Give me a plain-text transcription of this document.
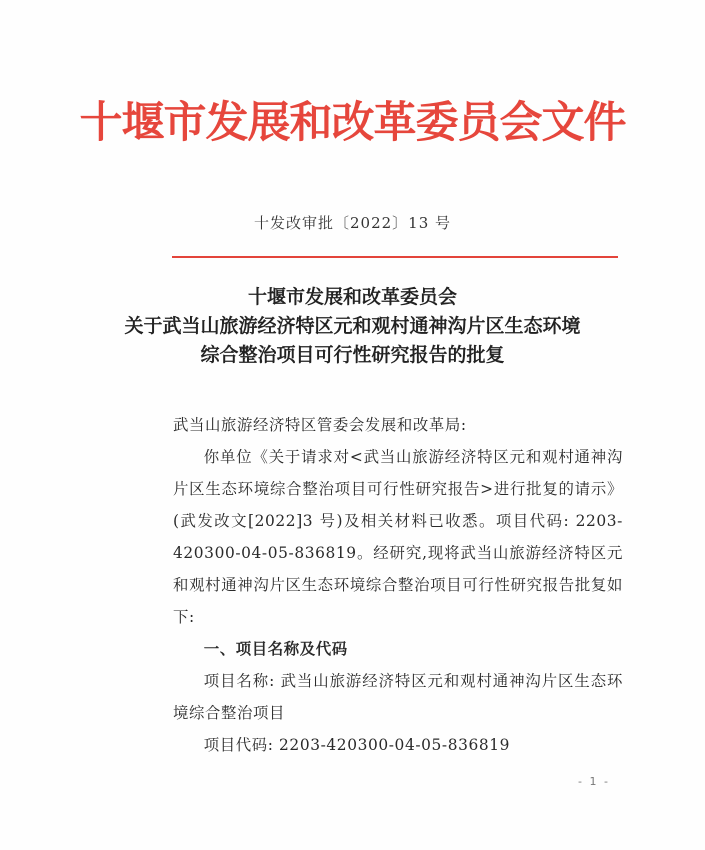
十堰市发展和改革委员会文件
十发改审批〔2022〕13 号
十堰市发展和改革委员会
关于武当山旅游经济特区元和观村通神沟片区生态环境
综合整治项目可行性研究报告的批复

武当山旅游经济特区管委会发展和改革局:

你单位《关于请求对<武当山旅游经济特区元和观村通神沟片区生态环境综合整治项目可行性研究报告>进行批复的请示》(武发改文[2022]3 号)及相关材料已收悉。项目代码: 2203-420300-04-05-836819。经研究,现将武当山旅游经济特区元和观村通神沟片区生态环境综合整治项目可行性研究报告批复如下:

一、项目名称及代码

项目名称: 武当山旅游经济特区元和观村通神沟片区生态环境综合整治项目

项目代码: 2203-420300-04-05-836819

- 1 -
